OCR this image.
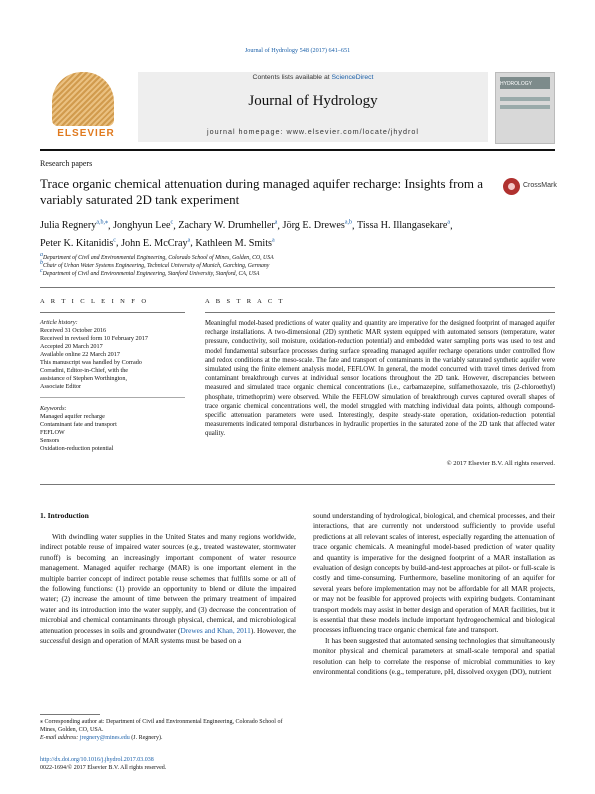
Journal of Hydrology 548 (2017) 641–651
ELSEVIER
Contents lists available at ScienceDirect
Journal of Hydrology
journal homepage: www.elsevier.com/locate/jhydrol
HYDROLOGY
Research papers
Trace organic chemical attenuation during managed aquifer recharge: Insights from a variably saturated 2D tank experiment
CrossMark
Julia Regnery$^{a,b,⁎}$, Jonghyun Lee$^c$, Zachary W. Drumheller$^a$, Jörg E. Drewes$^{a,b}$, Tissa H. Illangasekare$^a$,
Peter K. Kitanidis$^c$, John E. McCray$^a$, Kathleen M. Smits$^a$
$^a$Department of Civil and Environmental Engineering, Colorado School of Mines, Golden, CO, USA
$^b$Chair of Urban Water Systems Engineering, Technical University of Munich, Garching, Germany
$^c$Department of Civil and Environmental Engineering, Stanford University, Stanford, CA, USA
A R T I C L E I N F O	A B S T R A C T
Article history:
Received 31 October 2016
Received in revised form 10 February 2017
Accepted 20 March 2017
Available online 22 March 2017
This manuscript was handled by Corrado
Corradini, Editor-in-Chief, with the
assistance of Stephen Worthington,
Associate Editor
Keywords:
Managed aquifer recharge
Contaminant fate and transport
FEFLOW
Sensors
Oxidation-reduction potential
Meaningful model-based predictions of water quality and quantity are imperative for the designed footprint of managed aquifer recharge installations. A two-dimensional (2D) synthetic MAR system equipped with automated sensors (temperature, water pressure, conductivity, soil moisture, oxidation-reduction potential) and embedded water sampling ports was used to test and model fundamental subsurface processes during surface spreading managed aquifer recharge operations under controlled flow and redox conditions at the meso-scale. The fate and transport of contaminants in the variably saturated synthetic aquifer were simulated using the finite element analysis model, FEFLOW. In general, the model concurred with travel times derived from contaminant breakthrough curves at individual sensor locations throughout the 2D tank. However, discrepancies between measured and simulated trace organic chemical concentrations (i.e., carbamazepine, sulfamethoxazole, tris (2-chloroethyl) phosphate, trimethoprim) were observed. While the FEFLOW simulation of breakthrough curves captured overall shapes of trace organic chemical concentrations well, the model struggled with matching individual data points, although compound-specific attenuation parameters were used. Interestingly, despite steady-state operation, oxidation-reduction potential measurements indicated temporal disturbances in hydraulic properties in the saturated zone of the 2D tank that affected water quality.
© 2017 Elsevier B.V. All rights reserved.
1. Introduction
With dwindling water supplies in the United States and many regions worldwide, indirect potable reuse of impaired water sources (e.g., treated wastewater, stormwater runoff) is becoming an increasingly important component of water resource management. Managed aquifer recharge (MAR) is one important element in the multiple barrier concept of indirect potable reuse schemes that fulfills some or all of the following functions: (1) provide an opportunity to blend or dilute the impaired water; (2) increase the amount of time between the primary treatment of impaired water and its introduction into the water supply, and (3) decrease the concentration of microbial and chemical contaminants through physical, chemical, and microbiological attenuation processes in soils and groundwater (Drewes and Khan, 2011). However, the successful design and operation of MAR systems must be based on a

sound understanding of hydrological, biological, and chemical processes, and their interactions, that are currently not understood sufficiently to provide useful predictions at all relevant scales of interest, especially regarding the attenuation of trace organic chemicals. A meaningful model-based prediction of water quality and quantity is imperative for the designed footprint of a MAR installation as evaluation of design concepts by build-and-test approaches at pilot- or full-scale is costly and time-consuming. Furthermore, baseline monitoring of an aquifer for several years before implementation may not be affordable for all MAR projects, or may not be feasible for approved projects with expiring budgets. Contaminant transport models may assist in better design and operation of MAR facilities, but it is essential that these models include important hydrogeochemical and biological processes influencing trace organic chemical fate and transport.

It has been suggested that automated sensing technologies that simultaneously monitor physical and chemical parameters at small-scale temporal and spatial resolution can help to correlate the response of microbial communities to key environmental conditions (e.g., temperature, pH, dissolved oxygen (DO), nutrient

⁎ Corresponding author at: Department of Civil and Environmental Engineering, Colorado School of Mines, Golden, CO, USA.
E-mail address: jregnery@mines.edu (J. Regnery).
http://dx.doi.org/10.1016/j.jhydrol.2017.03.038
0022-1694/© 2017 Elsevier B.V. All rights reserved.
